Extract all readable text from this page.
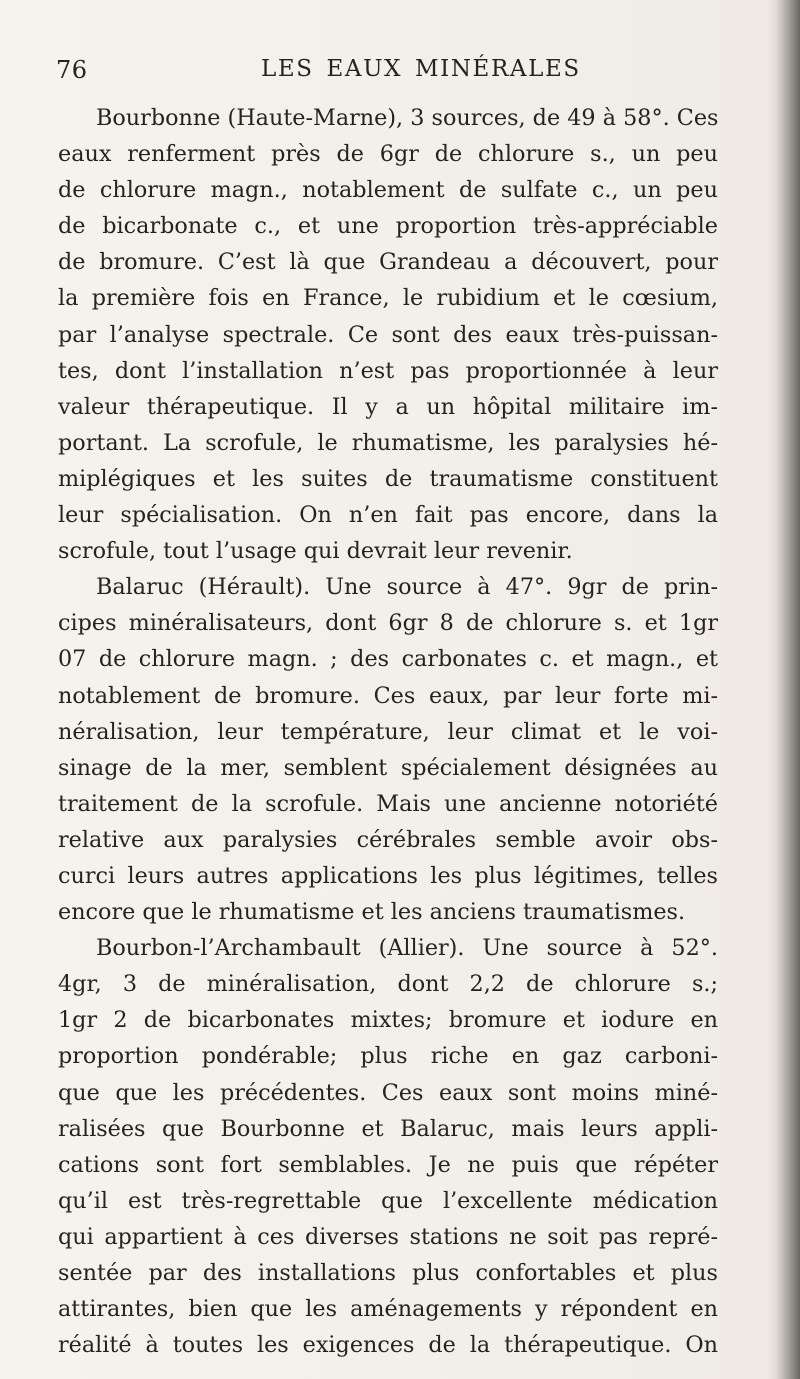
76	LES EAUX MINÉRALES
Bourbonne (Haute-Marne), 3 sources, de 49 à 58°. Ces
eaux renferment près de 6gr de chlorure s., un peu
de chlorure magn., notablement de sulfate c., un peu
de bicarbonate c., et une proportion très-appréciable
de bromure. C’est là que Grandeau a découvert, pour
la première fois en France, le rubidium et le cœsium,
par l’analyse spectrale. Ce sont des eaux très-puissan-
tes, dont l’installation n’est pas proportionnée à leur
valeur thérapeutique. Il y a un hôpital militaire im-
portant. La scrofule, le rhumatisme, les paralysies hé-
miplégiques et les suites de traumatisme constituent
leur spécialisation. On n’en fait pas encore, dans la
scrofule, tout l’usage qui devrait leur revenir.
Balaruc (Hérault). Une source à 47°. 9gr de prin-
cipes minéralisateurs, dont 6gr 8 de chlorure s. et 1gr
07 de chlorure magn. ; des carbonates c. et magn., et
notablement de bromure. Ces eaux, par leur forte mi-
néralisation, leur température, leur climat et le voi-
sinage de la mer, semblent spécialement désignées au
traitement de la scrofule. Mais une ancienne notoriété
relative aux paralysies cérébrales semble avoir obs-
curci leurs autres applications les plus légitimes, telles
encore que le rhumatisme et les anciens traumatismes.
Bourbon-l’Archambault (Allier). Une source à 52°.
4gr, 3 de minéralisation, dont 2,2 de chlorure s.;
1gr 2 de bicarbonates mixtes; bromure et iodure en
proportion pondérable; plus riche en gaz carboni-
que que les précédentes. Ces eaux sont moins miné-
ralisées que Bourbonne et Balaruc, mais leurs appli-
cations sont fort semblables. Je ne puis que répéter
qu’il est très-regrettable que l’excellente médication
qui appartient à ces diverses stations ne soit pas repré-
sentée par des installations plus confortables et plus
attirantes, bien que les aménagements y répondent en
réalité à toutes les exigences de la thérapeutique. On
